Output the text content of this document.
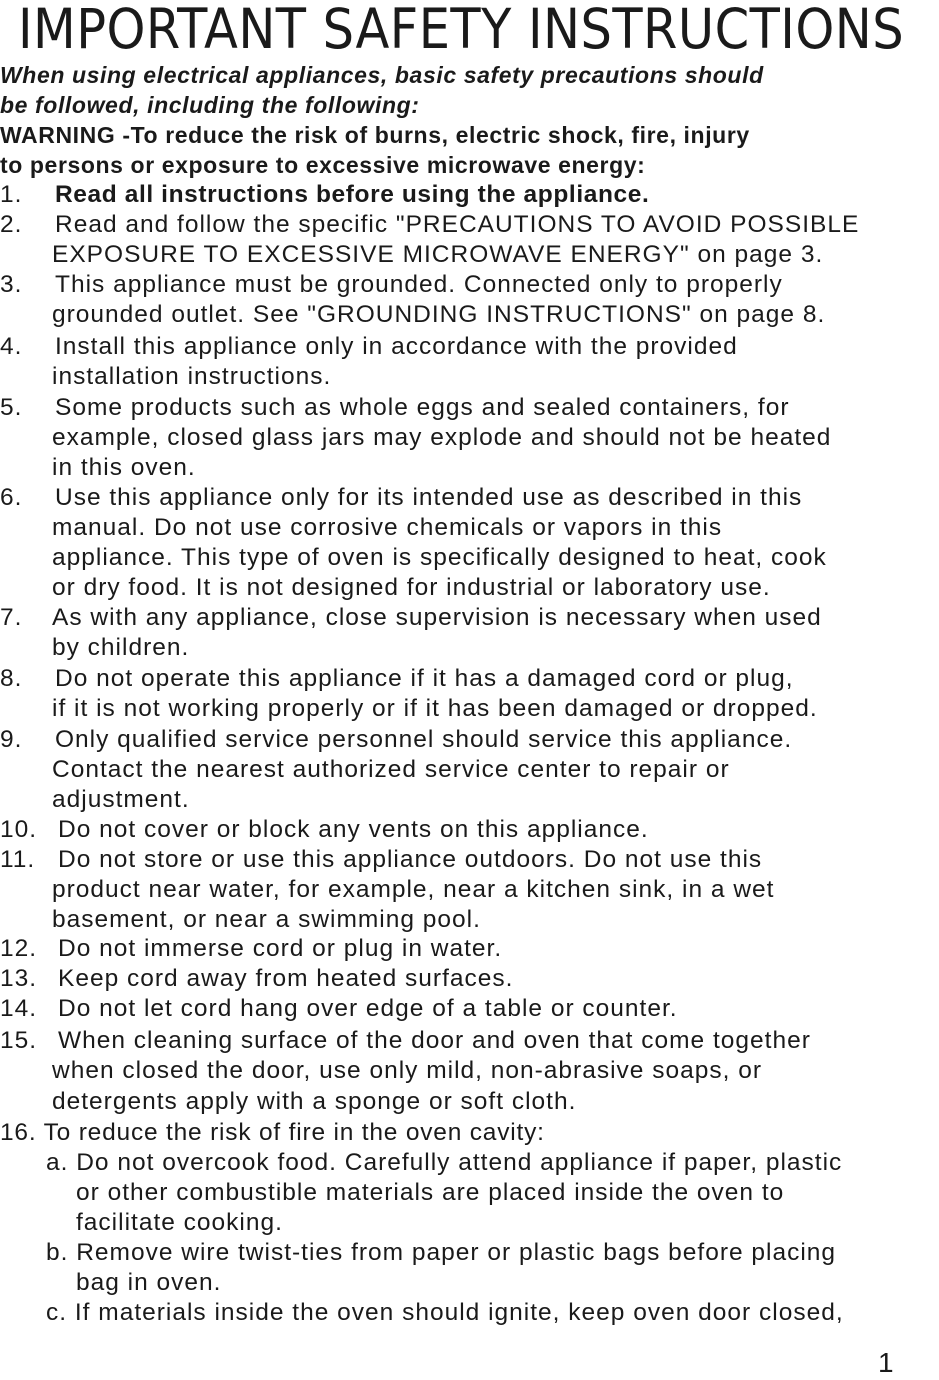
IMPORTANT SAFETY INSTRUCTIONS
When using electrical appliances, basic safety precautions should
be followed, including the following:
WARNING -To reduce the risk of burns, electric shock, fire, injury
to persons or exposure to excessive microwave energy:
1. Read all instructions before using the appliance.
2. Read and follow the specific "PRECAUTIONS TO AVOID POSSIBLE
EXPOSURE TO EXCESSIVE MICROWAVE ENERGY" on page 3.
3. This appliance must be grounded. Connected only to properly
grounded outlet. See "GROUNDING INSTRUCTIONS" on page 8.
4. Install this appliance only in accordance with the provided
installation instructions.
5. Some products such as whole eggs and sealed containers, for
example, closed glass jars may explode and should not be heated
in this oven.
6. Use this appliance only for its intended use as described in this
manual. Do not use corrosive chemicals or vapors in this
appliance. This type of oven is specifically designed to heat, cook
or dry food. It is not designed for industrial or laboratory use.
7. As with any appliance, close supervision is necessary when used
by children.
8. Do not operate this appliance if it has a damaged cord or plug,
if it is not working properly or if it has been damaged or dropped.
9. Only qualified service personnel should service this appliance.
Contact the nearest authorized service center to repair or
adjustment.
10. Do not cover or block any vents on this appliance.
11. Do not store or use this appliance outdoors. Do not use this
product near water, for example, near a kitchen sink, in a wet
basement, or near a swimming pool.
12. Do not immerse cord or plug in water.
13. Keep cord away from heated surfaces.
14. Do not let cord hang over edge of a table or counter.
15. When cleaning surface of the door and oven that come together
when closed the door, use only mild, non-abrasive soaps, or
detergents apply with a sponge or soft cloth.
16. To reduce the risk of fire in the oven cavity:
a. Do not overcook food. Carefully attend appliance if paper, plastic
or other combustible materials are placed inside the oven to
facilitate cooking.
b. Remove wire twist-ties from paper or plastic bags before placing
bag in oven.
c. If materials inside the oven should ignite, keep oven door closed,
1
